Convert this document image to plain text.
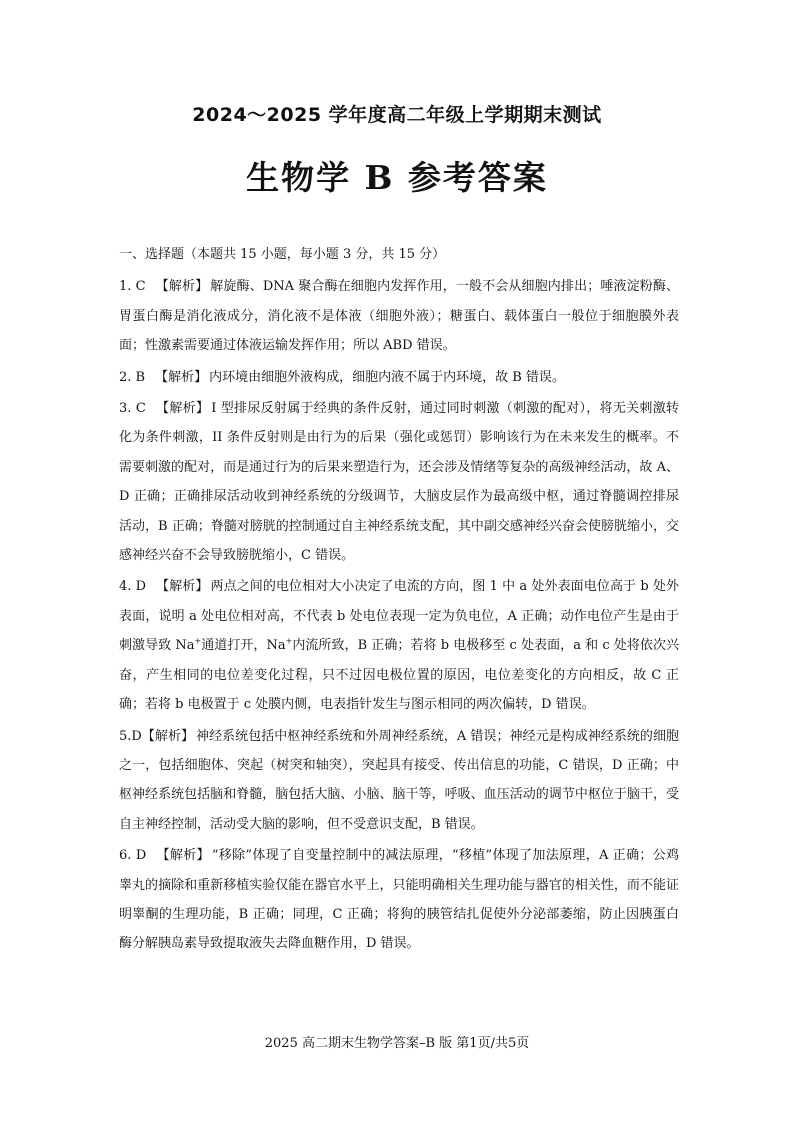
2024～2025 学年度高二年级上学期期末测试
生物学 B 参考答案

一、选择题（本题共 15 小题，每小题 3 分，共 15 分）

1. C 【解析】 解旋酶、DNA 聚合酶在细胞内发挥作用，一般不会从细胞内排出；唾液淀粉酶、胃蛋白酶是消化液成分，消化液不是体液（细胞外液）；糖蛋白、载体蛋白一般位于细胞膜外表面；性激素需要通过体液运输发挥作用；所以 ABD 错误。

2. B 【解析】 内环境由细胞外液构成，细胞内液不属于内环境，故 B 错误。

3. C 【解析】 I 型排尿反射属于经典的条件反射，通过同时刺激（刺激的配对），将无关刺激转化为条件刺激，II 条件反射则是由行为的后果（强化或惩罚）影响该行为在未来发生的概率。不需要刺激的配对，而是通过行为的后果来塑造行为，还会涉及情绪等复杂的高级神经活动，故 A、D 正确；正确排尿活动收到神经系统的分级调节，大脑皮层作为最高级中枢，通过脊髓调控排尿活动，B 正确；脊髓对膀胱的控制通过自主神经系统支配，其中副交感神经兴奋会使膀胱缩小，交感神经兴奋不会导致膀胱缩小，C 错误。

4. D 【解析】 两点之间的电位相对大小决定了电流的方向，图 1 中 a 处外表面电位高于 b 处外表面，说明 a 处电位相对高，不代表 b 处电位表现一定为负电位，A 正确；动作电位产生是由于刺激导致 Na+通道打开，Na+内流所致，B 正确；若将 b 电极移至 c 处表面，a 和 c 处将依次兴奋，产生相同的电位差变化过程，只不过因电极位置的原因，电位差变化的方向相反，故 C 正确；若将 b 电极置于 c 处膜内侧，电表指针发生与图示相同的两次偏转，D 错误。

5.D【解析】 神经系统包括中枢神经系统和外周神经系统，A 错误；神经元是构成神经系统的细胞之一，包括细胞体、突起（树突和轴突），突起具有接受、传出信息的功能，C 错误，D 正确；中枢神经系统包括脑和脊髓，脑包括大脑、小脑、脑干等，呼吸、血压活动的调节中枢位于脑干，受自主神经控制，活动受大脑的影响，但不受意识支配，B 错误。

6. D 【解析】 “移除”体现了自变量控制中的减法原理，“移植”体现了加法原理，A 正确；公鸡睾丸的摘除和重新移植实验仅能在器官水平上，只能明确相关生理功能与器官的相关性，而不能证明睾酮的生理功能，B 正确；同理，C 正确；将狗的胰管结扎促使外分泌部萎缩，防止因胰蛋白酶分解胰岛素导致提取液失去降血糖作用，D 错误。

2025 高二期末生物学答案–B 版 第1页/共5页
